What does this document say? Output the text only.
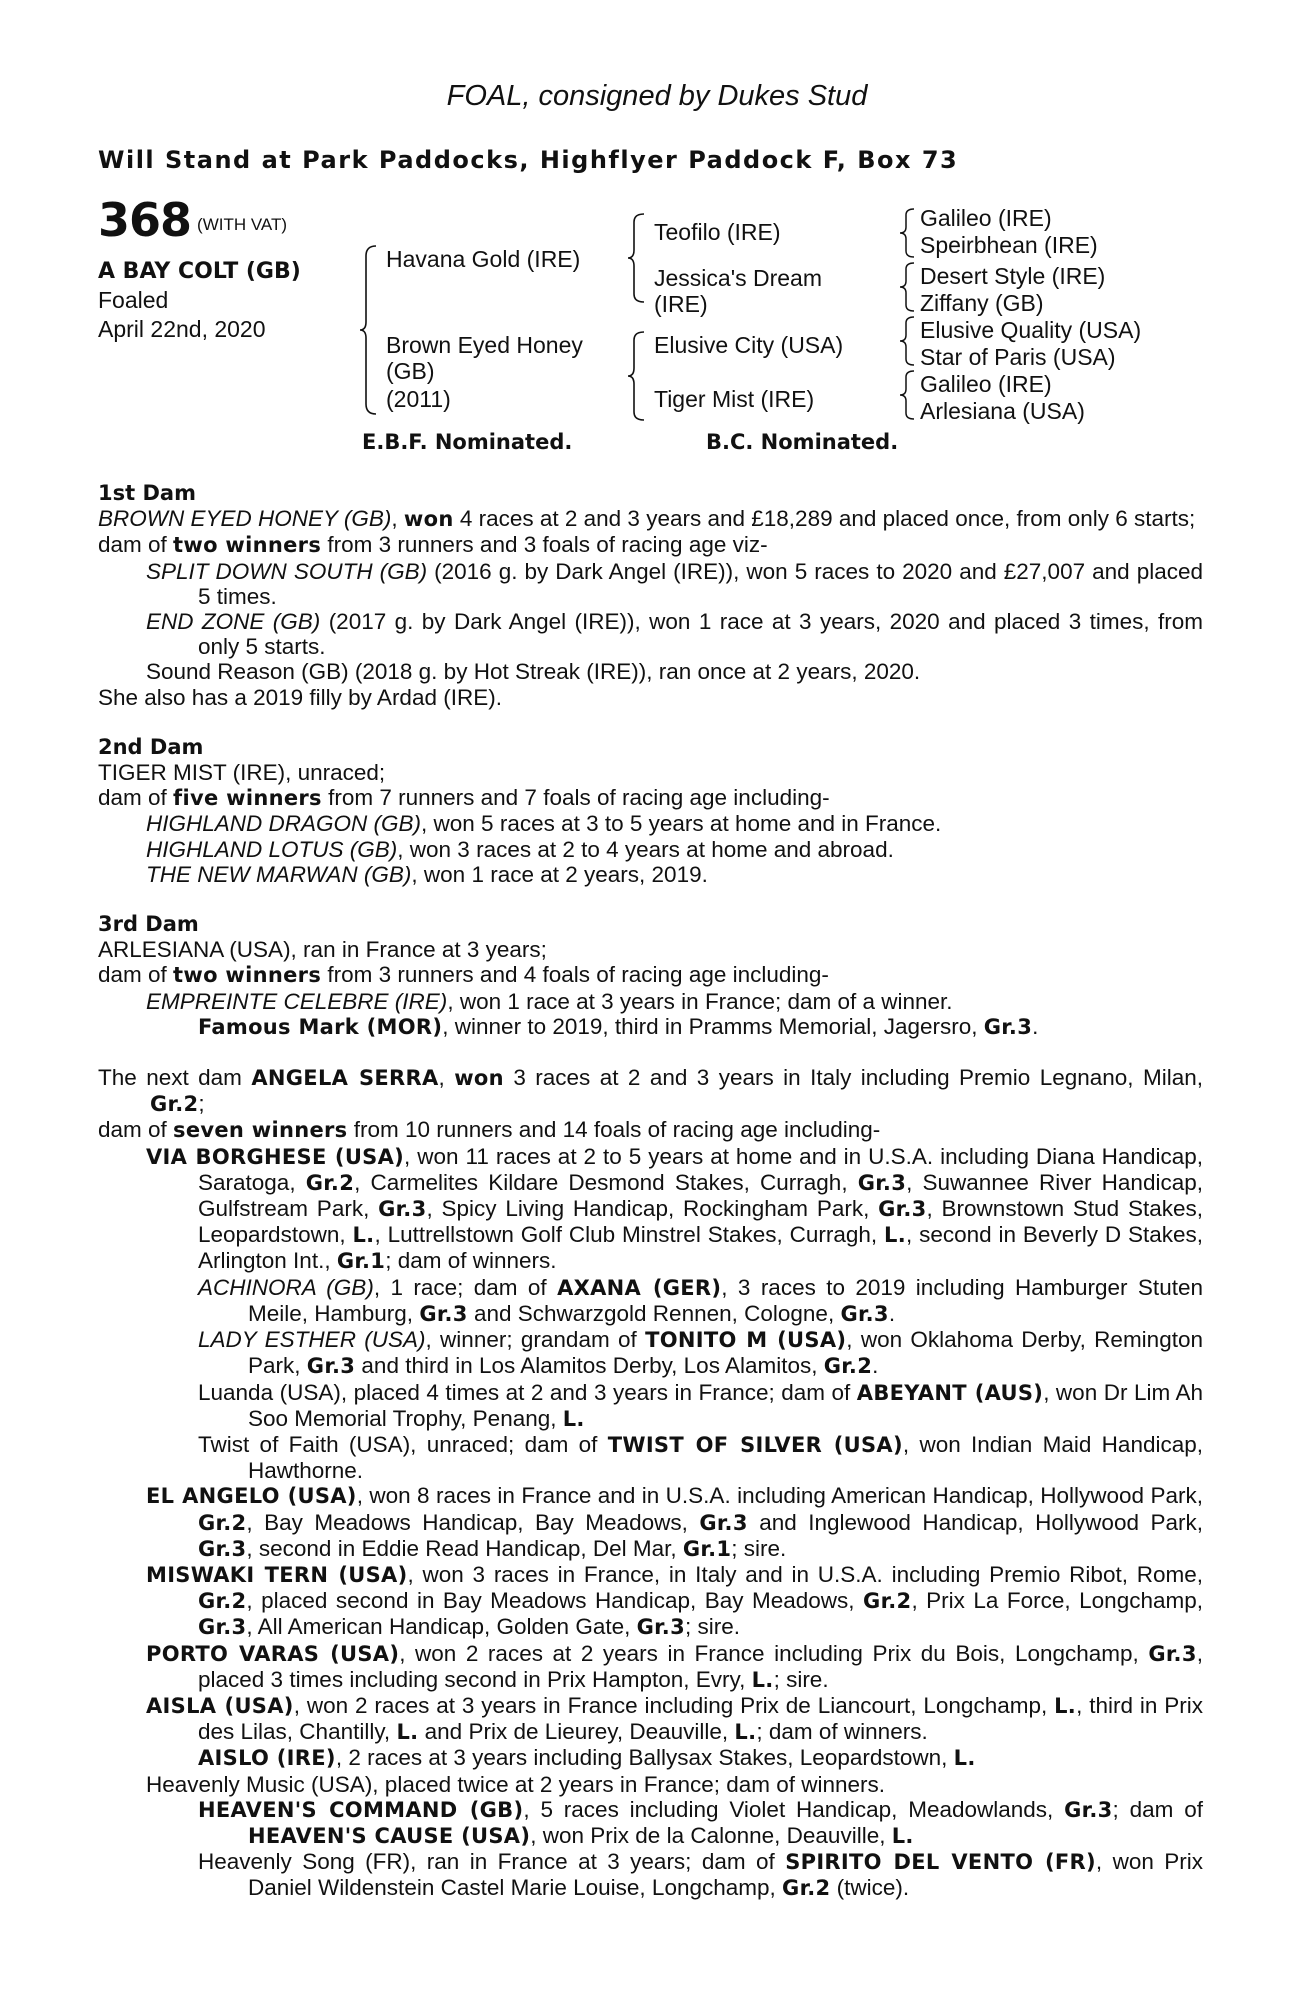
FOAL, consigned by Dukes Stud
Will Stand at Park Paddocks, Highflyer Paddock F, Box 73
368 $^{(WITH VAT)}$
A BAY COLT (GB)
Foaled
April 22nd, 2020
Havana Gold (IRE)
Brown Eyed Honey
(GB)
(2011)
Teofilo (IRE)
Jessica's Dream
(IRE)
Elusive City (USA)
Tiger Mist (IRE)
Galileo (IRE)
Speirbhean (IRE)
Desert Style (IRE)
Ziffany (GB)
Elusive Quality (USA)
Star of Paris (USA)
Galileo (IRE)
Arlesiana (USA)
E.B.F. Nominated.	B.C. Nominated.
1st Dam

BROWN EYED HONEY (GB), won 4 races at 2 and 3 years and £18,289 and placed once, from only 6 starts;

dam of two winners from 3 runners and 3 foals of racing age viz-

SPLIT DOWN SOUTH (GB) (2016 g. by Dark Angel (IRE)), won 5 races to 2020 and £27,007 and placed 5 times.

END ZONE (GB) (2017 g. by Dark Angel (IRE)), won 1 race at 3 years, 2020 and placed 3 times, from only 5 starts.

Sound Reason (GB) (2018 g. by Hot Streak (IRE)), ran once at 2 years, 2020.

She also has a 2019 filly by Ardad (IRE).

2nd Dam

TIGER MIST (IRE), unraced;

dam of five winners from 7 runners and 7 foals of racing age including-

HIGHLAND DRAGON (GB), won 5 races at 3 to 5 years at home and in France.

HIGHLAND LOTUS (GB), won 3 races at 2 to 4 years at home and abroad.

THE NEW MARWAN (GB), won 1 race at 2 years, 2019.

3rd Dam

ARLESIANA (USA), ran in France at 3 years;

dam of two winners from 3 runners and 4 foals of racing age including-

EMPREINTE CELEBRE (IRE), won 1 race at 3 years in France; dam of a winner.

Famous Mark (MOR), winner to 2019, third in Pramms Memorial, Jagersro, Gr.3.

The next dam ANGELA SERRA, won 3 races at 2 and 3 years in Italy including Premio Legnano, Milan, Gr.2;

dam of seven winners from 10 runners and 14 foals of racing age including-

VIA BORGHESE (USA), won 11 races at 2 to 5 years at home and in U.S.A. including Diana Handicap, Saratoga, Gr.2, Carmelites Kildare Desmond Stakes, Curragh, Gr.3, Suwannee River Handicap, Gulfstream Park, Gr.3, Spicy Living Handicap, Rockingham Park, Gr.3, Brownstown Stud Stakes, Leopardstown, L., Luttrellstown Golf Club Minstrel Stakes, Curragh, L., second in Beverly D Stakes, Arlington Int., Gr.1; dam of winners.

ACHINORA (GB), 1 race; dam of AXANA (GER), 3 races to 2019 including Hamburger Stuten Meile, Hamburg, Gr.3 and Schwarzgold Rennen, Cologne, Gr.3.

LADY ESTHER (USA), winner; grandam of TONITO M (USA), won Oklahoma Derby, Remington Park, Gr.3 and third in Los Alamitos Derby, Los Alamitos, Gr.2.

Luanda (USA), placed 4 times at 2 and 3 years in France; dam of ABEYANT (AUS), won Dr Lim Ah Soo Memorial Trophy, Penang, L.

Twist of Faith (USA), unraced; dam of TWIST OF SILVER (USA), won Indian Maid Handicap, Hawthorne.

EL ANGELO (USA), won 8 races in France and in U.S.A. including American Handicap, Hollywood Park, Gr.2, Bay Meadows Handicap, Bay Meadows, Gr.3 and Inglewood Handicap, Hollywood Park, Gr.3, second in Eddie Read Handicap, Del Mar, Gr.1; sire.

MISWAKI TERN (USA), won 3 races in France, in Italy and in U.S.A. including Premio Ribot, Rome, Gr.2, placed second in Bay Meadows Handicap, Bay Meadows, Gr.2, Prix La Force, Longchamp, Gr.3, All American Handicap, Golden Gate, Gr.3; sire.

PORTO VARAS (USA), won 2 races at 2 years in France including Prix du Bois, Longchamp, Gr.3, placed 3 times including second in Prix Hampton, Evry, L.; sire.

AISLA (USA), won 2 races at 3 years in France including Prix de Liancourt, Longchamp, L., third in Prix des Lilas, Chantilly, L. and Prix de Lieurey, Deauville, L.; dam of winners.

AISLO (IRE), 2 races at 3 years including Ballysax Stakes, Leopardstown, L.

Heavenly Music (USA), placed twice at 2 years in France; dam of winners.

HEAVEN'S COMMAND (GB), 5 races including Violet Handicap, Meadowlands, Gr.3; dam of HEAVEN'S CAUSE (USA), won Prix de la Calonne, Deauville, L.

Heavenly Song (FR), ran in France at 3 years; dam of SPIRITO DEL VENTO (FR), won Prix Daniel Wildenstein Castel Marie Louise, Longchamp, Gr.2 (twice).
